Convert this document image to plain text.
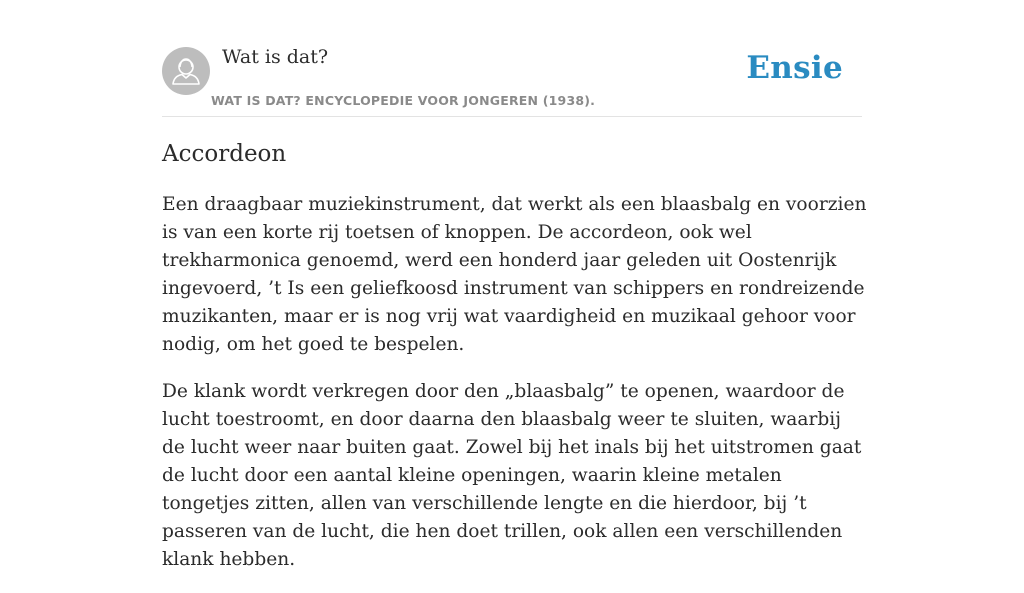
Wat is dat?
WAT IS DAT? ENCYCLOPEDIE VOOR JONGEREN (1938).
Ensie
Accordeon

Een draagbaar muziekinstrument, dat werkt als een blaasbalg en voorzien is van een korte rij toetsen of knoppen. De accordeon, ook wel trekharmonica genoemd, werd een honderd jaar geleden uit Oostenrijk ingevoerd, ’t Is een geliefkoosd instrument van schippers en rondreizende muzikanten, maar er is nog vrij wat vaardigheid en muzikaal gehoor voor nodig, om het goed te bespelen.

De klank wordt verkregen door den „blaasbalg” te openen, waardoor de lucht toestroomt, en door daarna den blaasbalg weer te sluiten, waarbij de lucht weer naar buiten gaat. Zowel bij het inals bij het uitstromen gaat de lucht door een aantal kleine openingen, waarin kleine metalen tongetjes zitten, allen van verschillende lengte en die hierdoor, bij ’t passeren van de lucht, die hen doet trillen, ook allen een verschillenden klank hebben.
